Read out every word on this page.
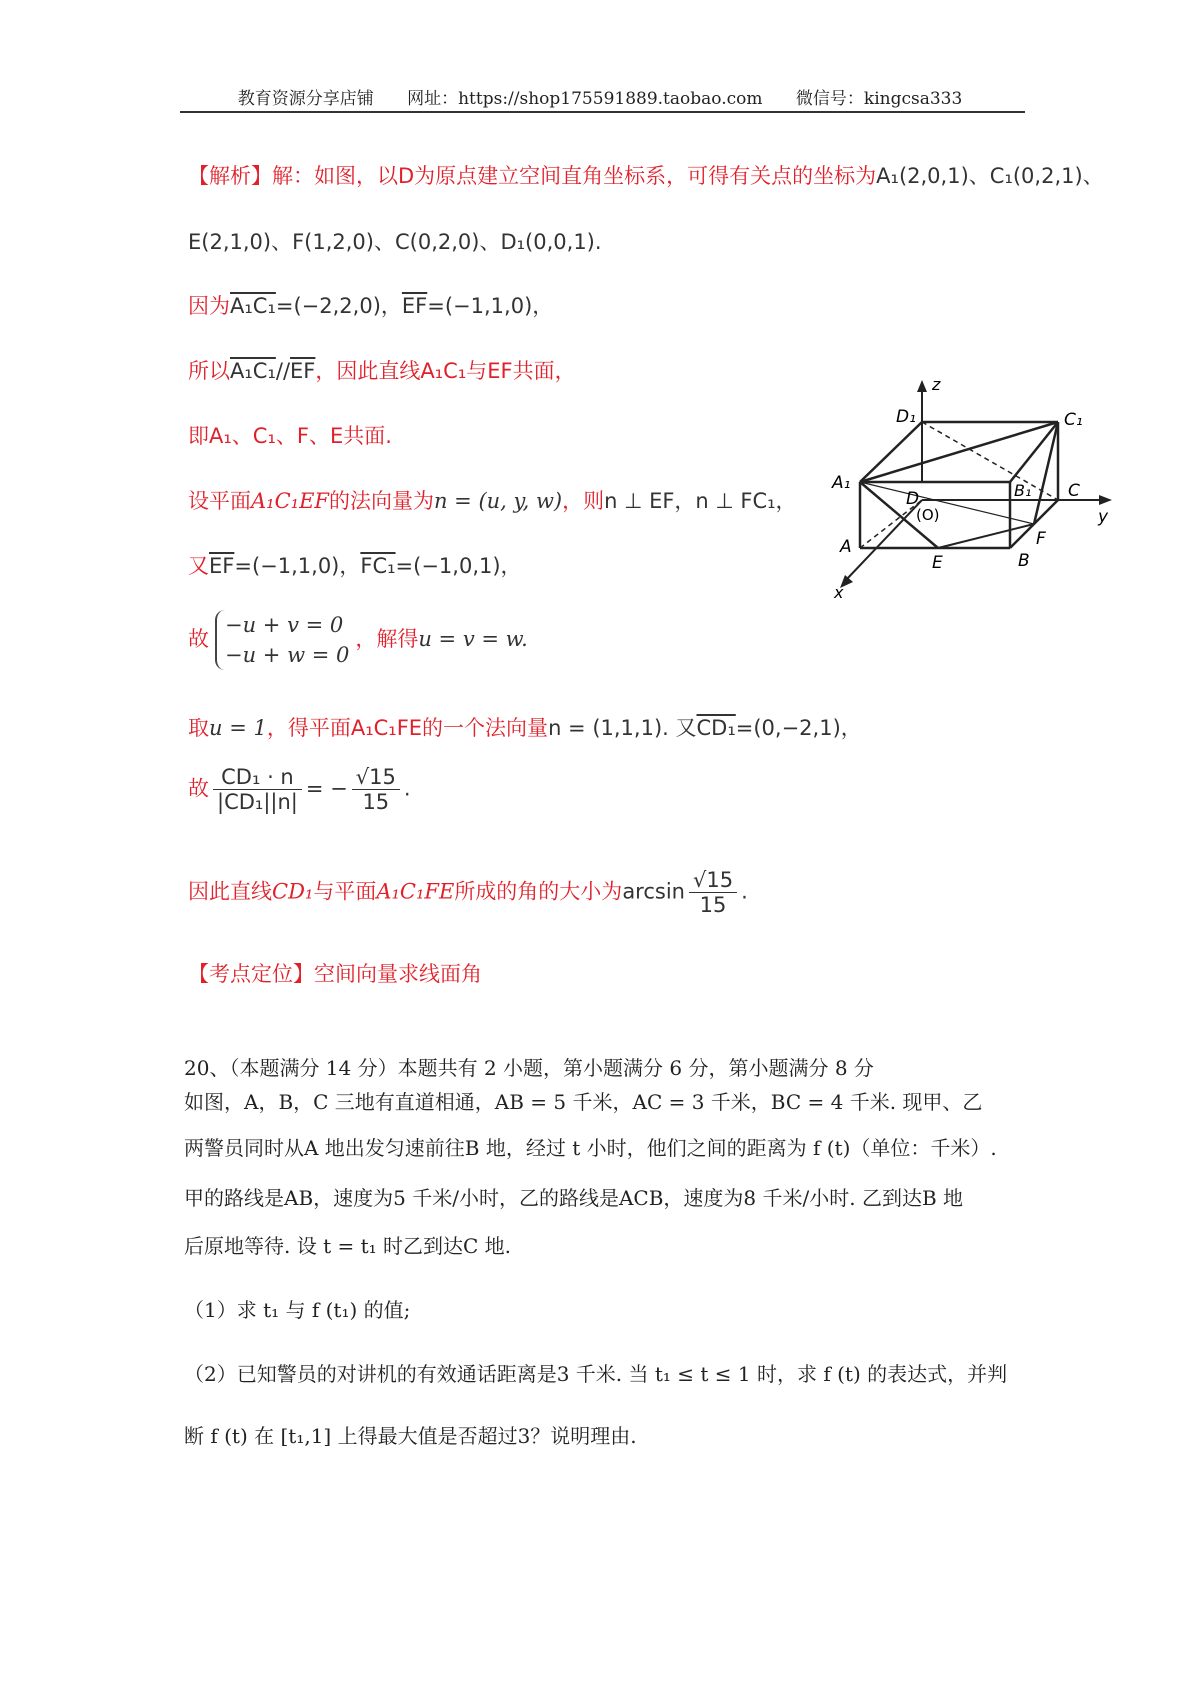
教育资源分享店铺 网址：https://shop175591889.taobao.com 微信号：kingcsa333
【解析】解：如图，以D为原点建立空间直角坐标系，可得有关点的坐标为A₁(2,0,1)、C₁(0,2,1)、
E(2,1,0)、F(1,2,0)、C(0,2,0)、D₁(0,0,1).
因为A₁C₁=(−2,2,0)，$\overline{EF}=(-1,1,0)$，
所以A₁C₁/$/\overline{EF}$，因此直线A₁C₁与EF共面，
即A₁、C₁、F、E共面.
设平面A₁C₁EF的法向量为n = (u, y, w)，则n ⊥ EF，n ⊥ FC₁，
又$\overline{EF}=(-1,1,0)$，FC₁=(−1,0,1)，
故−u + v = 0
−u + w = 0，解得u = v = w.
取u = 1，得平面A₁C₁FE的一个法向量n = (1,1,1). 又CD₁=(0,−2,1)，
故 $\frac{\text{CD₁ · n}}{\text{|CD₁||n|}}$ = − $\frac{√15}{15}$ .
因此直线CD₁与平面A₁C₁FE所成的角的大小为$\arcsin \frac{√15}{15}$ .
【考点定位】空间向量求线面角
z
D₁	C₁
A₁
D
(O)
B₁ C
y
A
E
F
B
x
20、（本题满分 14 分）本题共有 2 小题，第小题满分 6 分，第小题满分 8 分
如图，A，B，C 三地有直道相通，AB = 5 千米，AC = 3 千米，BC = 4 千米. 现甲、乙
两警员同时从A 地出发匀速前往B 地，经过 t 小时，他们之间的距离为 f (t)（单位：千米）.
甲的路线是AB，速度为5 千米/小时，乙的路线是ACB，速度为8 千米/小时. 乙到达B 地
后原地等待. 设 t = t₁ 时乙到达C 地.
（1）求 t₁ 与 f (t₁) 的值;
（2）已知警员的对讲机的有效通话距离是3 千米. 当 t₁ ≤ t ≤ 1 时，求 f (t) 的表达式，并判
断 f (t) 在 [t₁,1] 上得最大值是否超过3？说明理由.
